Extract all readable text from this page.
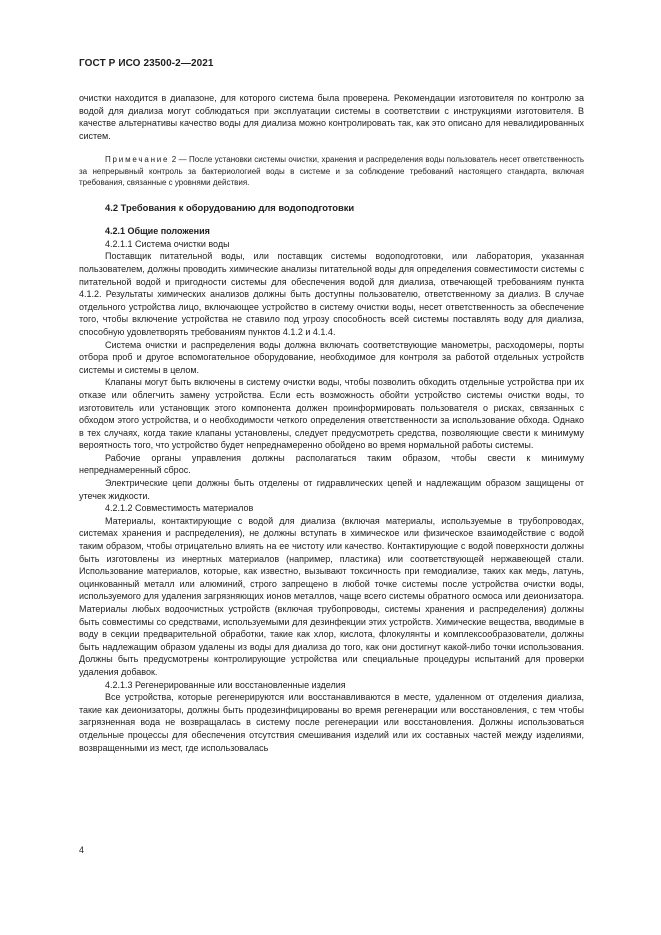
ГОСТ Р ИСО 23500-2—2021

очистки находится в диапазоне, для которого система была проверена. Рекомендации изготовителя по контролю за водой для диализа могут соблюдаться при эксплуатации системы в соответствии с инструкциями изготовителя. В качестве альтернативы качество воды для диализа можно контролировать так, как это описано для невалидированных систем.

Примечание 2 — После установки системы очистки, хранения и распределения воды пользователь несет ответственность за непрерывный контроль за бактериологией воды в системе и за соблюдение требований настоящего стандарта, включая требования, связанные с уровнями действия.

4.2 Требования к оборудованию для водоподготовки
4.2.1 Общие положения
4.2.1.1 Система очистки воды

Поставщик питательной воды, или поставщик системы водоподготовки, или лаборатория, указанная пользователем, должны проводить химические анализы питательной воды для определения совместимости системы с питательной водой и пригодности системы для обеспечения водой для диализа, отвечающей требованиям пункта 4.1.2. Результаты химических анализов должны быть доступны пользователю, ответственному за диализ. В случае отдельного устройства лицо, включающее устройство в систему очистки воды, несет ответственность за обеспечение того, чтобы включение устройства не ставило под угрозу способность всей системы поставлять воду для диализа, способную удовлетворять требованиям пунктов 4.1.2 и 4.1.4.

Система очистки и распределения воды должна включать соответствующие манометры, расходомеры, порты отбора проб и другое вспомогательное оборудование, необходимое для контроля за работой отдельных устройств системы и системы в целом.

Клапаны могут быть включены в систему очистки воды, чтобы позволить обходить отдельные устройства при их отказе или облегчить замену устройства. Если есть возможность обойти устройство системы очистки воды, то изготовитель или установщик этого компонента должен проинформировать пользователя о рисках, связанных с обходом этого устройства, и о необходимости четкого определения ответственности за использование обхода. Однако в тех случаях, когда такие клапаны установлены, следует предусмотреть средства, позволяющие свести к минимуму вероятность того, что устройство будет непреднамеренно обойдено во время нормальной работы системы.

Рабочие органы управления должны располагаться таким образом, чтобы свести к минимуму непреднамеренный сброс.

Электрические цепи должны быть отделены от гидравлических цепей и надлежащим образом защищены от утечек жидкости.

4.2.1.2 Совместимость материалов

Материалы, контактирующие с водой для диализа (включая материалы, используемые в трубопроводах, системах хранения и распределения), не должны вступать в химическое или физическое взаимодействие с водой таким образом, чтобы отрицательно влиять на ее чистоту или качество. Контактирующие с водой поверхности должны быть изготовлены из инертных материалов (например, пластика) или соответствующей нержавеющей стали. Использование материалов, которые, как известно, вызывают токсичность при гемодиализе, таких как медь, латунь, оцинкованный металл или алюминий, строго запрещено в любой точке системы после устройства очистки воды, используемого для удаления загрязняющих ионов металлов, чаще всего системы обратного осмоса или деионизатора. Материалы любых водоочистных устройств (включая трубопроводы, системы хранения и распределения) должны быть совместимы со средствами, используемыми для дезинфекции этих устройств. Химические вещества, вводимые в воду в секции предварительной обработки, такие как хлор, кислота, флокулянты и комплексообразователи, должны быть надлежащим образом удалены из воды для диализа до того, как они достигнут какой-либо точки использования. Должны быть предусмотрены контролирующие устройства или специальные процедуры испытаний для проверки удаления добавок.

4.2.1.3 Регенерированные или восстановленные изделия

Все устройства, которые регенерируются или восстанавливаются в месте, удаленном от отделения диализа, такие как деионизаторы, должны быть продезинфицированы во время регенерации или восстановления, с тем чтобы загрязненная вода не возвращалась в систему после регенерации или восстановления. Должны использоваться отдельные процессы для обеспечения отсутствия смешивания изделий или их составных частей между изделиями, возвращенными из мест, где использовалась

4
